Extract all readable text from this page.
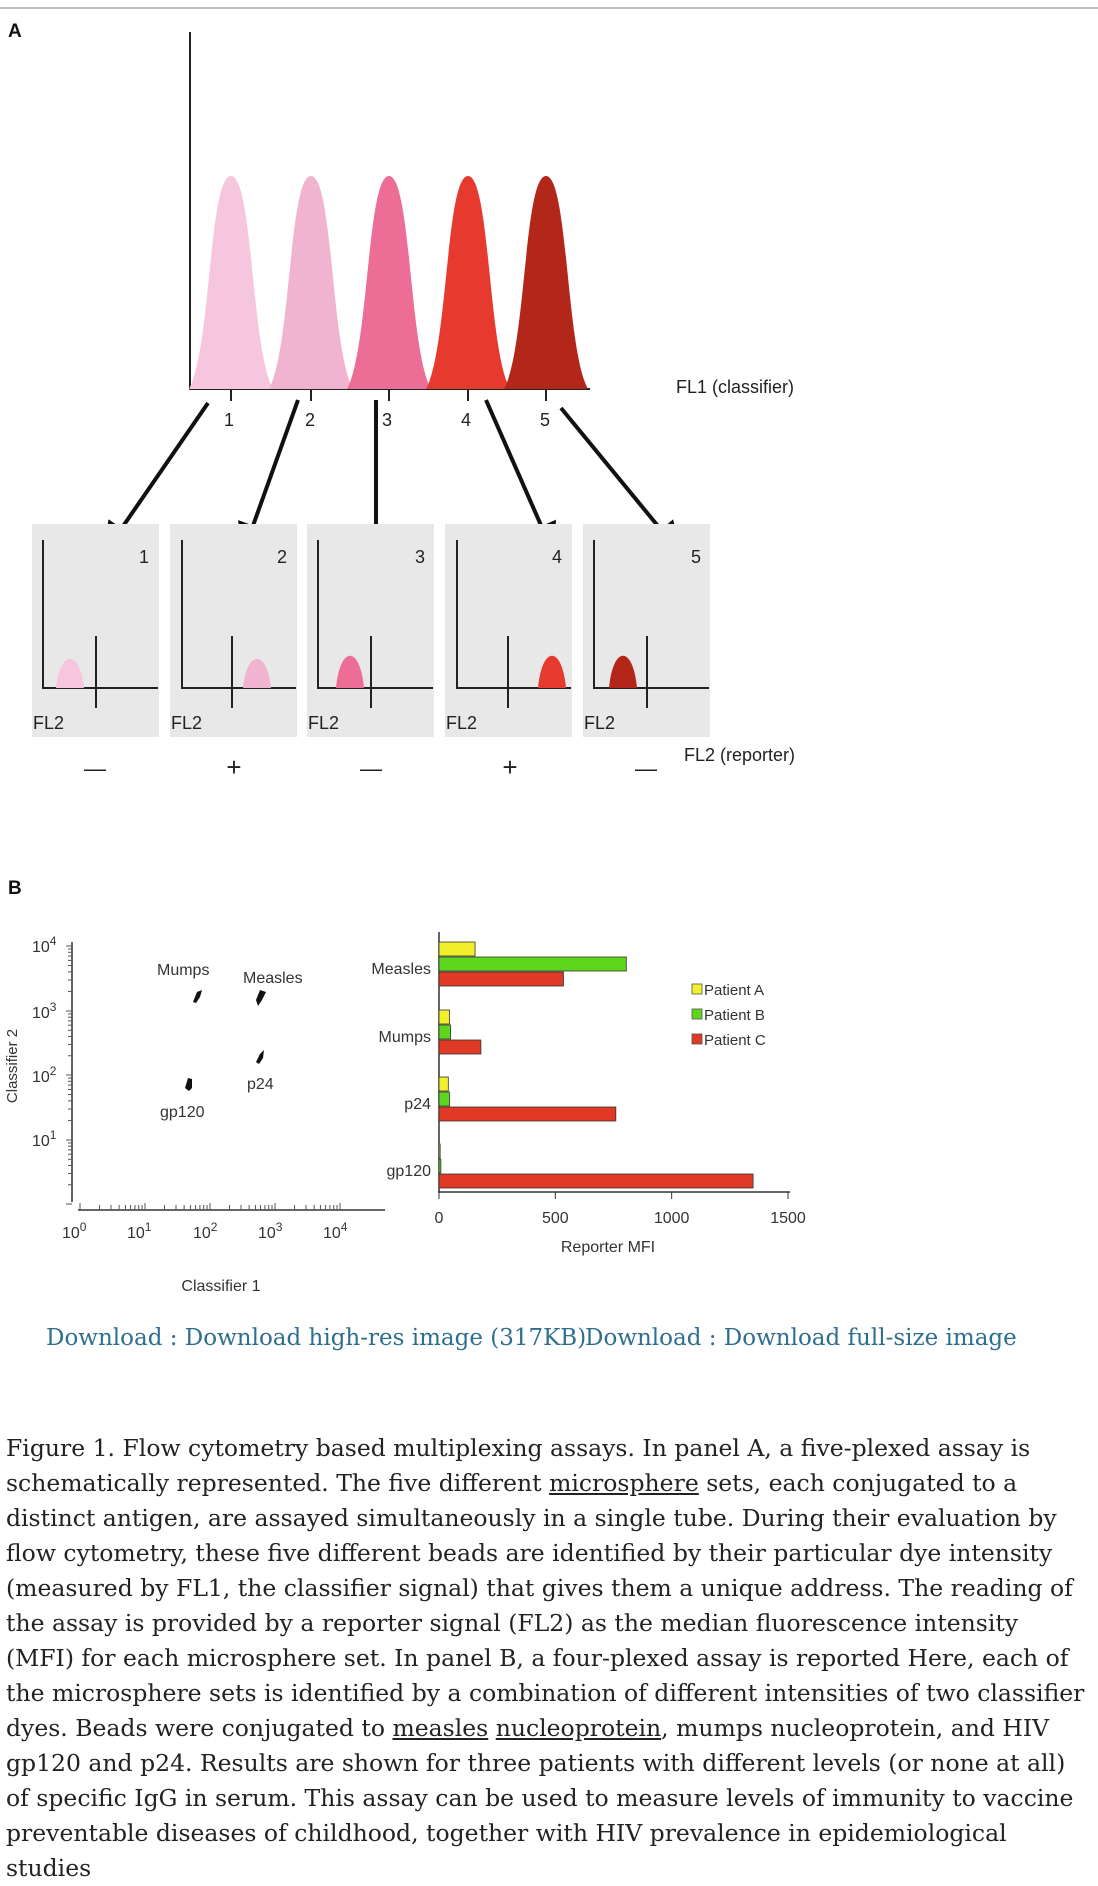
A
1	2	3	4	5
FL1 (classifier)
1
FL2
2
FL2
3
FL2
4
FL2
5
FL2
—	+	—	+	—
FL2 (reporter)
B
$10^4$
$10^3$
$10^2$
$10^1$
$10^0$	$10^1$	$10^2$	$10^3$	$10^4$
Classifier 2
Classifier 1
Mumps Measles
p24
gp120
Measles
Mumps
p24
gp120
0	500	1000	1500
Reporter MFI
Patient A
Patient B
Patient C
Download : Download high-res image (317KB)
Download : Download full-size image
Figure 1. Flow cytometry based multiplexing assays. In panel A, a five-plexed assay is schematically represented. The five different microsphere sets, each conjugated to a distinct antigen, are assayed simultaneously in a single tube. During their evaluation by flow cytometry, these five different beads are identified by their particular dye intensity (measured by FL1, the classifier signal) that gives them a unique address. The reading of the assay is provided by a reporter signal (FL2) as the median fluorescence intensity (MFI) for each microsphere set. In panel B, a four-plexed assay is reported Here, each of the microsphere sets is identified by a combination of different intensities of two classifier dyes. Beads were conjugated to measles nucleoprotein, mumps nucleoprotein, and HIV gp120 and p24. Results are shown for three patients with different levels (or none at all) of specific IgG in serum. This assay can be used to measure levels of immunity to vaccine preventable diseases of childhood, together with HIV prevalence in epidemiological studies
